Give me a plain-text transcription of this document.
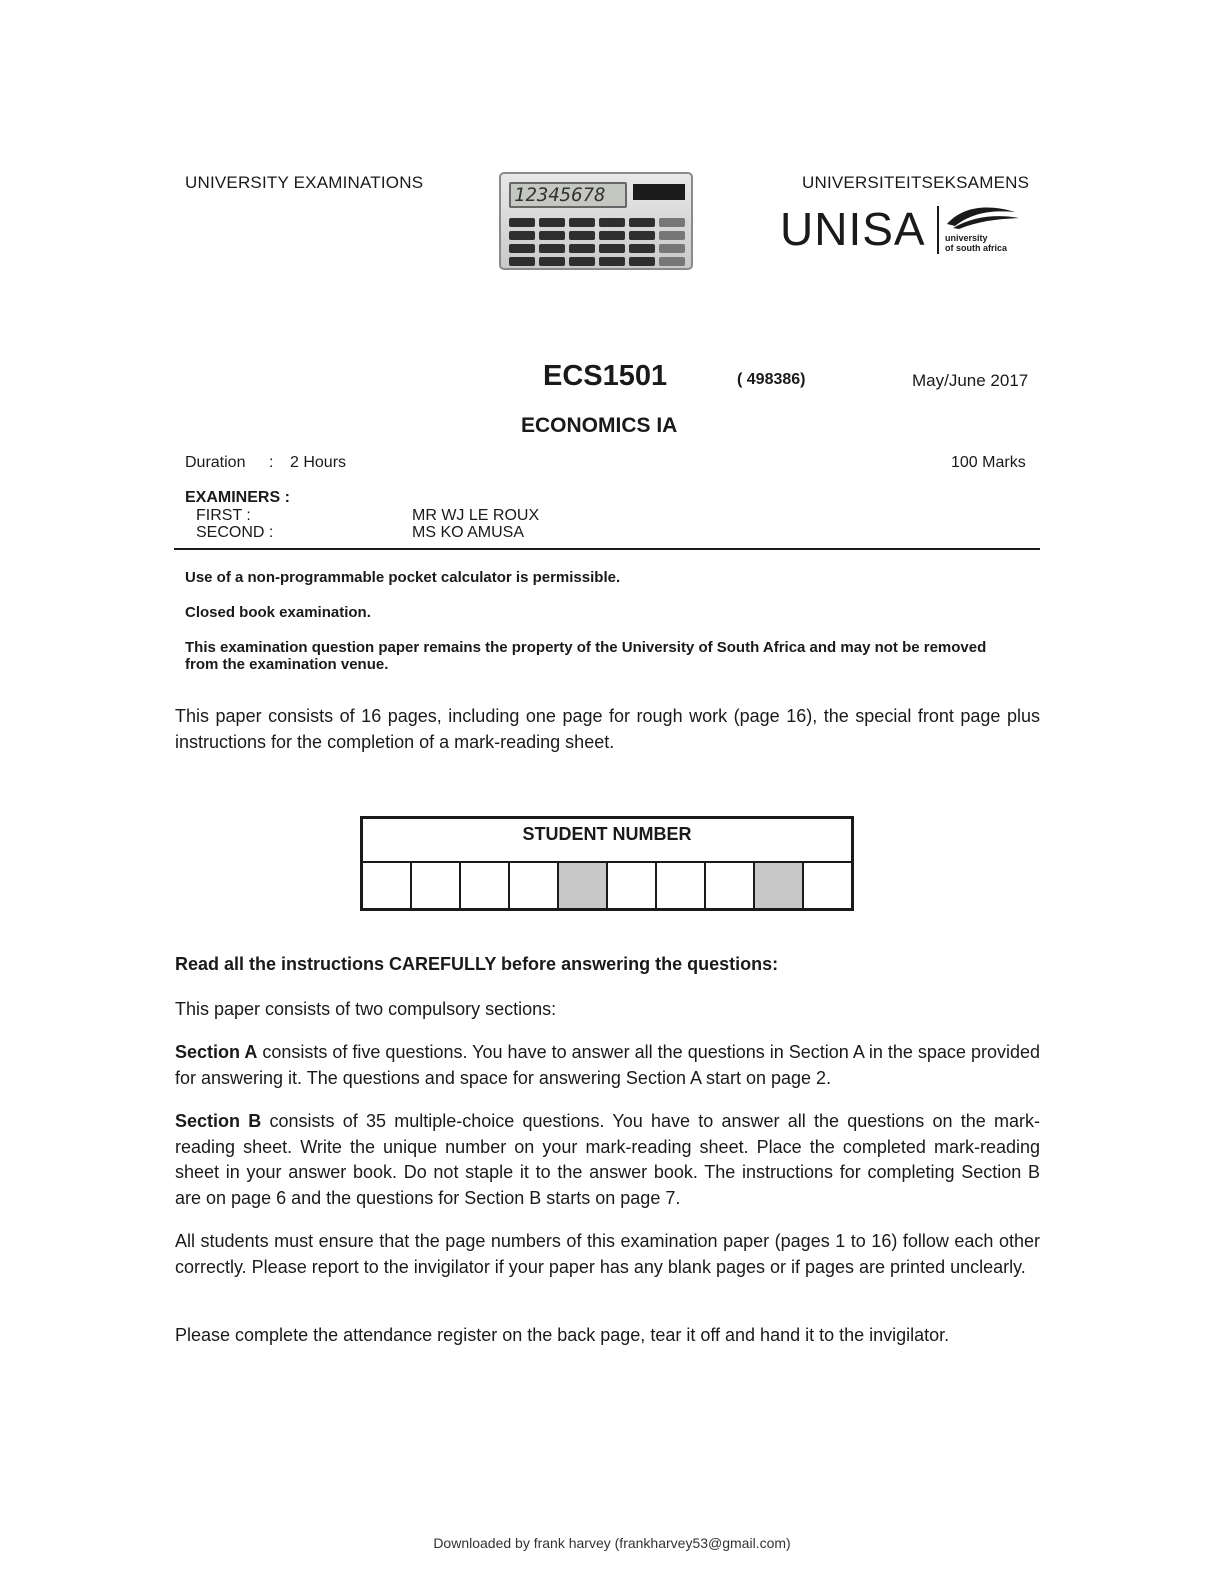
UNIVERSITY EXAMINATIONS
12345678
UNIVERSITEITSEKSAMENS
UNISA university
of south africa
ECS1501	( 498386)	May/June 2017
ECONOMICS IA
Duration : 2 Hours	100 Marks
EXAMINERS :
FIRST :	MR WJ LE ROUX
SECOND :	MS KO AMUSA
Use of a non-programmable pocket calculator is permissible.
Closed book examination.
This examination question paper remains the property of the University of South Africa and may not be removed from the examination venue.
This paper consists of 16 pages, including one page for rough work (page 16), the special front page plus instructions for the completion of a mark-reading sheet.
STUDENT NUMBER
Read all the instructions CAREFULLY before answering the questions:
This paper consists of two compulsory sections:
Section A consists of five questions. You have to answer all the questions in Section A in the space provided for answering it. The questions and space for answering Section A start on page 2.
Section B consists of 35 multiple-choice questions. You have to answer all the questions on the mark-reading sheet. Write the unique number on your mark-reading sheet. Place the completed mark-reading sheet in your answer book. Do not staple it to the answer book. The instructions for completing Section B are on page 6 and the questions for Section B starts on page 7.
All students must ensure that the page numbers of this examination paper (pages 1 to 16) follow each other correctly. Please report to the invigilator if your paper has any blank pages or if pages are printed unclearly.
Please complete the attendance register on the back page, tear it off and hand it to the invigilator.
Downloaded by frank harvey (frankharvey53@gmail.com)
